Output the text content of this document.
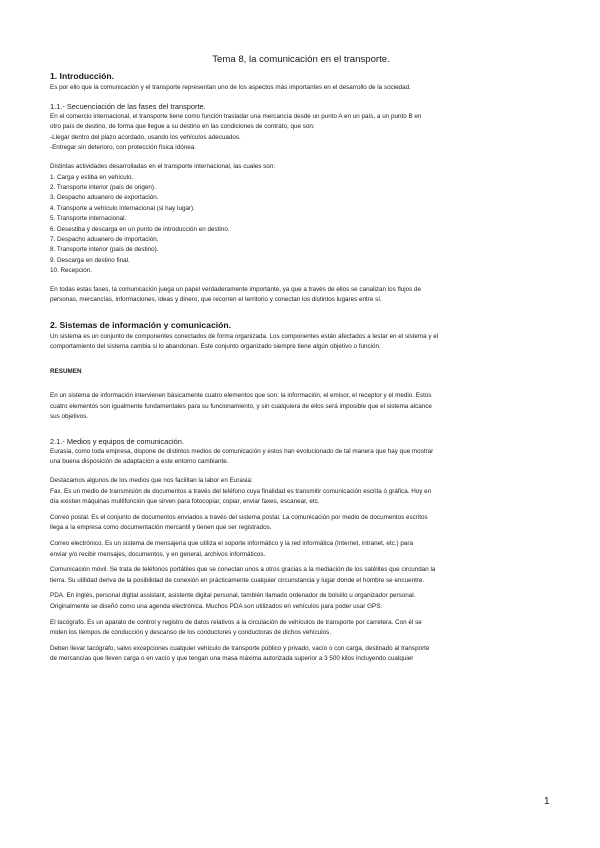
Tema 8, la comunicación en el transporte.
1. Introducción.

Es por ello que la comunicación y el transporte representan uno de los aspectos más importantes en el desarrollo de la sociedad.

1.1.- Secuenciación de las fases del transporte.

En el comercio internacional, el transporte tiene como función trasladar una mercancía desde un punto A en un país, a un punto B en

otro país de destino, de forma que llegue a su destino en las condiciones de contrato, que son:

-Llegar dentro del plazo acordado, usando los vehículos adecuados.

-Entregar sin deterioro, con protección física idónea.

Distintas actividades desarrolladas en el transporte internacional, las cuales son:

1. Carga y estiba en vehículo.
2. Transporte interior (país de origen).
3. Despacho aduanero de exportación.
4. Transporte a vehículo internacional (si hay lugar).
5. Transporte internacional.
6. Desestiba y descarga en un punto de introducción en destino.
7. Despacho aduanero de importación.
8. Transporte interior (país de destino).
9. Descarga en destino final.
10. Recepción.

En todas estas fases, la comunicación juega un papel verdaderamente importante, ya que a través de ellos se canalizan los flujos de

personas, mercancías, informaciones, ideas y dinero, que recorren el territorio y conectan los distintos lugares entre sí.

2. Sistemas de información y comunicación.

Un sistema es un conjunto de componentes conectados de forma organizada. Los componentes están afectados a lestar en el sistema y el

comportamiento del sistema cambia si lo abandonan. Este conjunto organizado siempre tiene algún objetivo o función.

RESUMEN

En un sistema de información intervienen básicamente cuatro elementos que son: la información, el emisor, el receptor y el medio. Estos

cuatro elementos son igualmente fundamentales para su funcionamiento, y sin cualquiera de ellos será imposible que el sistema alcance

sus objetivos.

2.1.- Medios y equipos de comunicación.

Eurasia, como toda empresa, dispone de distintos medios de comunicación y estos han evolucionado de tal manera que hay que mostrar

una buena disposición de adaptación a este entorno cambiante.

Destacamos algunos de los medios que nos facilitan la labor en Eurasia:

Fax. Es un medio de transmisión de documentos a través del teléfono cuya finalidad es transmitir comunicación escrita ó gráfica. Hoy en

día existen máquinas multifunción que sirven para fotocopiar, copiar, enviar faxes, escanear, etc.

Correo postal. Es el conjunto de documentos enviados a través del sistema postal. La comunicación por medio de documentos escritos

llega a la empresa como documentación mercantil y tienen que ser registrados.

Correo electrónico. Es un sistema de mensajería que utiliza el soporte informático y la red informática (Internet, intranet, etc.) para

enviar y/o recibir mensajes, documentos, y en general, archivos informáticos.

Comunicación móvil. Se trata de teléfonos portátiles que se conectan unos a otros gracias a la mediación de los satélites que circundan la

tierra. Su utilidad deriva de la posibilidad de conexión en prácticamente cualquier circunstancia y lugar donde el hombre se encuentre.

PDA. En inglés, personal digital assistant, asistente digital personal, también llamado ordenador de bolsillo u organizador personal.

Originalmente se diseñó como una agenda electrónica. Muchos PDA son utilizados en vehículos para poder usar GPS.

El tacógrafo. Es un aparato de control y registro de datos relativos a la circulación de vehículos de transporte por carretera. Con él se

miden los tiempos de conducción y descanso de los conductores y conductoras de dichos vehículos.

Deben llevar tacógrafo, salvo excepciones cualquier vehículo de transporte público y privado, vacío o con carga, destinado al transporte

de mercancías que lleven carga o en vacío y que tengan una masa máxima autorizada superior a 3 500 kilos incluyendo cualquier

1
